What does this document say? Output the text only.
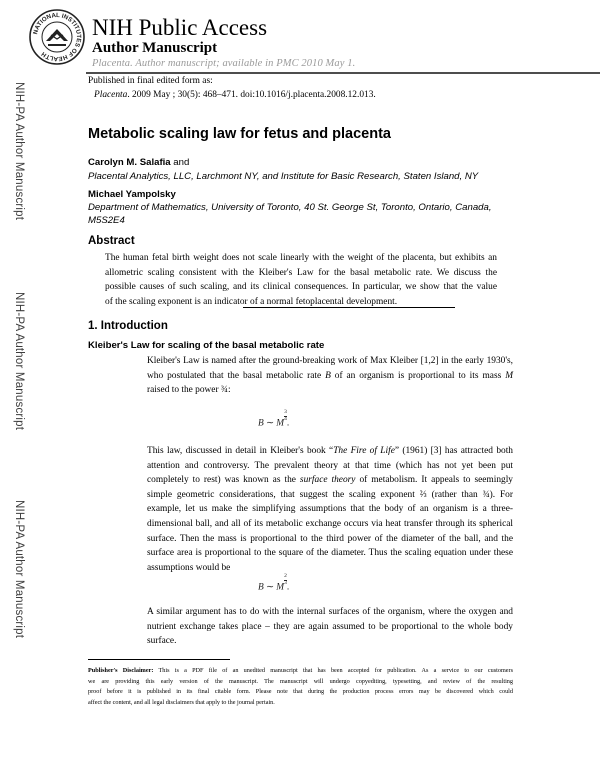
NATIONAL INSTITUTES OF HEALTH
NIH Public Access
Author Manuscript
Placenta. Author manuscript; available in PMC 2010 May 1.
Published in final edited form as:
Placenta. 2009 May ; 30(5): 468–471. doi:10.1016/j.placenta.2008.12.013.
NIH-PA Author Manuscript
NIH-PA Author Manuscript
NIH-PA Author Manuscript
Metabolic scaling law for fetus and placenta
Carolyn M. Salafia and
Placental Analytics, LLC, Larchmont NY, and Institute for Basic Research, Staten Island, NY
Michael Yampolsky
Department of Mathematics, University of Toronto, 40 St. George St, Toronto, Ontario, Canada,
M5S2E4
Abstract
The human fetal birth weight does not scale linearly with the weight of the placenta, but exhibits an
allometric scaling consistent with the Kleiber's Law for the basal metabolic rate. We discuss the
possible causes of such scaling, and its clinical consequences. In particular, we show that the value
of the scaling exponent is an indicator of a normal fetoplacental development.
1. Introduction
Kleiber's Law for scaling of the basal metabolic rate
Kleiber's Law is named after the ground-breaking work of Max Kleiber [1,2] in the early 1930's,
who postulated that the basal metabolic rate B of an organism is proportional to its mass M
raised to the power ¾:
B ∼ M
$\frac{3}{4}$
.
This law, discussed in detail in Kleiber's book “The Fire of Life” (1961) [3] has attracted both
attention and controversy. The prevalent theory at that time (which has not yet been put
completely to rest) was known as the surface theory of metabolism. It appeals to seemingly
simple geometric considerations, that suggest the scaling exponent ⅔ (rather than ¾). For
example, let us make the simplifying assumptions that the body of an organism is a three-
dimensional ball, and all of its metabolic exchange occurs via heat transfer through its spherical
surface. Then the mass is proportional to the third power of the diameter of the ball, and the
surface area is proportional to the square of the diameter. Thus the scaling equation under these
assumptions would be
B ∼ M
$\frac{2}{3}$
.
A similar argument has to do with the internal surfaces of the organism, where the oxygen and
nutrient exchange takes place – they are again assumed to be proportional to the whole body
surface.
Publisher's Disclaimer: This is a PDF file of an unedited manuscript that has been accepted for publication. As a service to our customers
we are providing this early version of the manuscript. The manuscript will undergo copyediting, typesetting, and review of the resulting
proof before it is published in its final citable form. Please note that during the production process errors may be discovered which could
affect the content, and all legal disclaimers that apply to the journal pertain.
